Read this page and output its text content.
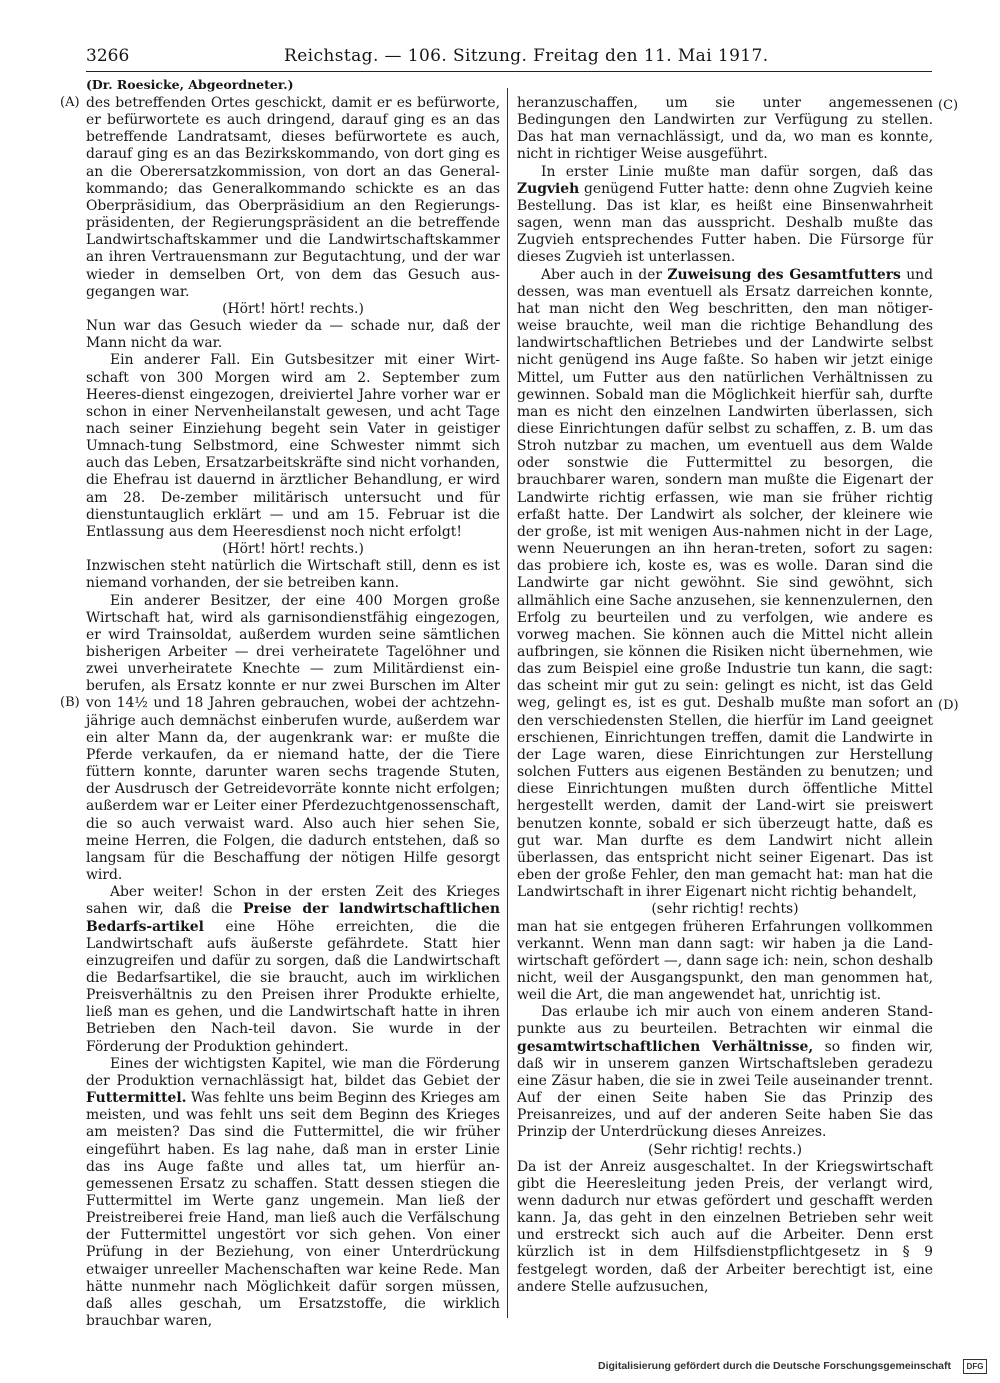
3266	Reichstag. — 106. Sitzung. Freitag den 11. Mai 1917.
(Dr. Roesicke, Abgeordneter.)
(A)
(B)
(C)
(D)

des betreffenden Ortes geschickt, damit er es befürworte, er befürwortete es auch dringend, darauf ging es an das betreffende Landratsamt, dieses befürwortete es auch, darauf ging es an das Bezirkskommando, von dort ging es an die Oberersatzkommission, von dort an das General-kommando; das Generalkommando schickte es an das Oberpräsidium, das Oberpräsidium an den Regierungs-präsidenten, der Regierungspräsident an die betreffende Landwirtschaftskammer und die Landwirtschaftskammer an ihren Vertrauensmann zur Begutachtung, und der war wieder in demselben Ort, von dem das Gesuch aus-gegangen war.

(Hört! hört! rechts.)

Nun war das Gesuch wieder da — schade nur, daß der Mann nicht da war.

Ein anderer Fall. Ein Gutsbesitzer mit einer Wirt-schaft von 300 Morgen wird am 2. September zum Heeres-dienst eingezogen, dreiviertel Jahre vorher war er schon in einer Nervenheilanstalt gewesen, und acht Tage nach seiner Einziehung begeht sein Vater in geistiger Umnach-tung Selbstmord, eine Schwester nimmt sich auch das Leben, Ersatzarbeitskräfte sind nicht vorhanden, die Ehefrau ist dauernd in ärztlicher Behandlung, er wird am 28. De-zember militärisch untersucht und für dienstuntauglich erklärt — und am 15. Februar ist die Entlassung aus dem Heeresdienst noch nicht erfolgt!

(Hört! hört! rechts.)

Inzwischen steht natürlich die Wirtschaft still, denn es ist niemand vorhanden, der sie betreiben kann.

Ein anderer Besitzer, der eine 400 Morgen große Wirtschaft hat, wird als garnisondienstfähig eingezogen, er wird Trainsoldat, außerdem wurden seine sämtlichen bisherigen Arbeiter — drei verheiratete Tagelöhner und zwei unverheiratete Knechte — zum Militärdienst ein-berufen, als Ersatz konnte er nur zwei Burschen im Alter von 14½ und 18 Jahren gebrauchen, wobei der achtzehn-jährige auch demnächst einberufen wurde, außerdem war ein alter Mann da, der augenkrank war: er mußte die Pferde verkaufen, da er niemand hatte, der die Tiere füttern konnte, darunter waren sechs tragende Stuten, der Ausdrusch der Getreidevorräte konnte nicht erfolgen; außerdem war er Leiter einer Pferdezuchtgenossenschaft, die so auch verwaist ward. Also auch hier sehen Sie, meine Herren, die Folgen, die dadurch entstehen, daß so langsam für die Beschaffung der nötigen Hilfe gesorgt wird.

Aber weiter! Schon in der ersten Zeit des Krieges sahen wir, daß die Preise der landwirtschaftlichen Bedarfs-artikel eine Höhe erreichten, die die Landwirtschaft aufs äußerste gefährdete. Statt hier einzugreifen und dafür zu sorgen, daß die Landwirtschaft die Bedarfsartikel, die sie braucht, auch im wirklichen Preisverhältnis zu den Preisen ihrer Produkte erhielte, ließ man es gehen, und die Landwirtschaft hatte in ihren Betrieben den Nach-teil davon. Sie wurde in der Förderung der Produktion gehindert.

Eines der wichtigsten Kapitel, wie man die Förderung der Produktion vernachlässigt hat, bildet das Gebiet der Futtermittel. Was fehlte uns beim Beginn des Krieges am meisten, und was fehlt uns seit dem Beginn des Krieges am meisten? Das sind die Futtermittel, die wir früher eingeführt haben. Es lag nahe, daß man in erster Linie das ins Auge faßte und alles tat, um hierfür an-gemessenen Ersatz zu schaffen. Statt dessen stiegen die Futtermittel im Werte ganz ungemein. Man ließ der Preistreiberei freie Hand, man ließ auch die Verfälschung der Futtermittel ungestört vor sich gehen. Von einer Prüfung in der Beziehung, von einer Unterdrückung etwaiger unreeller Machenschaften war keine Rede. Man hätte nunmehr nach Möglichkeit dafür sorgen müssen, daß alles geschah, um Ersatzstoffe, die wirklich brauchbar waren,

heranzuschaffen, um sie unter angemessenen Bedingungen den Landwirten zur Verfügung zu stellen. Das hat man vernachlässigt, und da, wo man es konnte, nicht in richtiger Weise ausgeführt.

In erster Linie mußte man dafür sorgen, daß das Zugvieh genügend Futter hatte: denn ohne Zugvieh keine Bestellung. Das ist klar, es heißt eine Binsenwahrheit sagen, wenn man das ausspricht. Deshalb mußte das Zugvieh entsprechendes Futter haben. Die Fürsorge für dieses Zugvieh ist unterlassen.

Aber auch in der Zuweisung des Gesamtfutters und dessen, was man eventuell als Ersatz darreichen konnte, hat man nicht den Weg beschritten, den man nötiger-weise brauchte, weil man die richtige Behandlung des landwirtschaftlichen Betriebes und der Landwirte selbst nicht genügend ins Auge faßte. So haben wir jetzt einige Mittel, um Futter aus den natürlichen Verhältnissen zu gewinnen. Sobald man die Möglichkeit hierfür sah, durfte man es nicht den einzelnen Landwirten überlassen, sich diese Einrichtungen dafür selbst zu schaffen, z. B. um das Stroh nutzbar zu machen, um eventuell aus dem Walde oder sonstwie die Futtermittel zu besorgen, die brauchbarer waren, sondern man mußte die Eigenart der Landwirte richtig erfassen, wie man sie früher richtig erfaßt hatte. Der Landwirt als solcher, der kleinere wie der große, ist mit wenigen Aus-nahmen nicht in der Lage, wenn Neuerungen an ihn heran-treten, sofort zu sagen: das probiere ich, koste es, was es wolle. Daran sind die Landwirte gar nicht gewöhnt. Sie sind gewöhnt, sich allmählich eine Sache anzusehen, sie kennenzulernen, den Erfolg zu beurteilen und zu verfolgen, wie andere es vorweg machen. Sie können auch die Mittel nicht allein aufbringen, sie können die Risiken nicht übernehmen, wie das zum Beispiel eine große Industrie tun kann, die sagt: das scheint mir gut zu sein: gelingt es nicht, ist das Geld weg, gelingt es, ist es gut. Deshalb mußte man sofort an den verschiedensten Stellen, die hierfür im Land geeignet erschienen, Einrichtungen treffen, damit die Landwirte in der Lage waren, diese Einrichtungen zur Herstellung solchen Futters aus eigenen Beständen zu benutzen; und diese Einrichtungen mußten durch öffentliche Mittel hergestellt werden, damit der Land-wirt sie preiswert benutzen konnte, sobald er sich überzeugt hatte, daß es gut war. Man durfte es dem Landwirt nicht allein überlassen, das entspricht nicht seiner Eigenart. Das ist eben der große Fehler, den man gemacht hat: man hat die Landwirtschaft in ihrer Eigenart nicht richtig behandelt,

(sehr richtig! rechts)

man hat sie entgegen früheren Erfahrungen vollkommen verkannt. Wenn man dann sagt: wir haben ja die Land-wirtschaft gefördert —, dann sage ich: nein, schon deshalb nicht, weil der Ausgangspunkt, den man genommen hat, weil die Art, die man angewendet hat, unrichtig ist.

Das erlaube ich mir auch von einem anderen Stand-punkte aus zu beurteilen. Betrachten wir einmal die gesamtwirtschaftlichen Verhältnisse, so finden wir, daß wir in unserem ganzen Wirtschaftsleben geradezu eine Zäsur haben, die sie in zwei Teile auseinander trennt. Auf der einen Seite haben Sie das Prinzip des Preisanreizes, und auf der anderen Seite haben Sie das Prinzip der Unterdrückung dieses Anreizes.

(Sehr richtig! rechts.)

Da ist der Anreiz ausgeschaltet. In der Kriegswirtschaft gibt die Heeresleitung jeden Preis, der verlangt wird, wenn dadurch nur etwas gefördert und geschafft werden kann. Ja, das geht in den einzelnen Betrieben sehr weit und erstreckt sich auch auf die Arbeiter. Denn erst kürzlich ist in dem Hilfsdienstpflichtgesetz in § 9 festgelegt worden, daß der Arbeiter berechtigt ist, eine andere Stelle aufzusuchen,

Digitalisierung gefördert durch die Deutsche Forschungsgemeinschaft	DFG
